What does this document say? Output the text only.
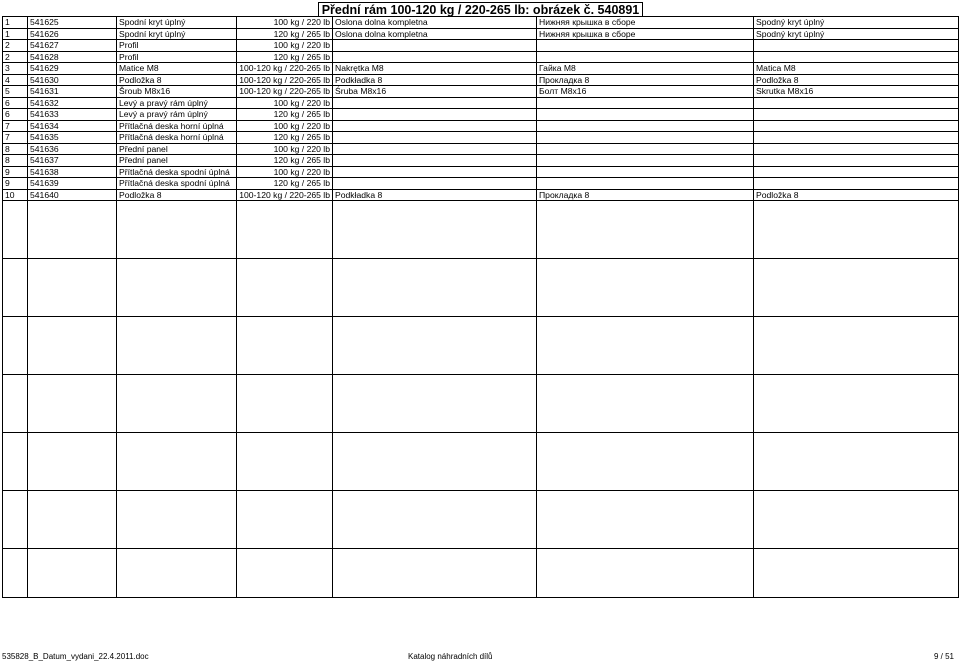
Přední rám 100-120 kg / 220-265 lb: obrázek č. 540891
1	541625	Spodní kryt úplný	100 kg / 220 lb	Oslona dolna kompletna	Нижняя крышка в сборе	Spodný kryt úplný
1	541626	Spodní kryt úplný	120 kg / 265 lb	Oslona dolna kompletna	Нижняя крышка в сборе	Spodný kryt úplný
2	541627	Profil	100 kg / 220 lb			
2	541628	Profil	120 kg / 265 lb			
3	541629	Matice M8	100-120 kg / 220-265 lb	Nakrętka M8	Гайка M8	Matica M8
4	541630	Podložka 8	100-120 kg / 220-265 lb	Podkładka 8	Прокладка 8	Podložka 8
5	541631	Šroub M8x16	100-120 kg / 220-265 lb	Śruba M8x16	Болт M8x16	Skrutka M8x16
6	541632	Levý a pravý rám úplný	100 kg / 220 lb			
6	541633	Levý a pravý rám úplný	120 kg / 265 lb			
7	541634	Přítlačná deska horní úplná	100 kg / 220 lb			
7	541635	Přítlačná deska horní úplná	120 kg / 265 lb			
8	541636	Přední panel	100 kg / 220 lb			
8	541637	Přední panel	120 kg / 265 lb			
9	541638	Přítlačná deska spodní úplná	100 kg / 220 lb			
9	541639	Přítlačná deska spodní úplná	120 kg / 265 lb			
10	541640	Podložka 8	100-120 kg / 220-265 lb	Podkładka 8	Прокладка 8	Podložka 8

535828_B_Datum_vydani_22.4.2011.doc	Katalog náhradních dílů	9 / 51
